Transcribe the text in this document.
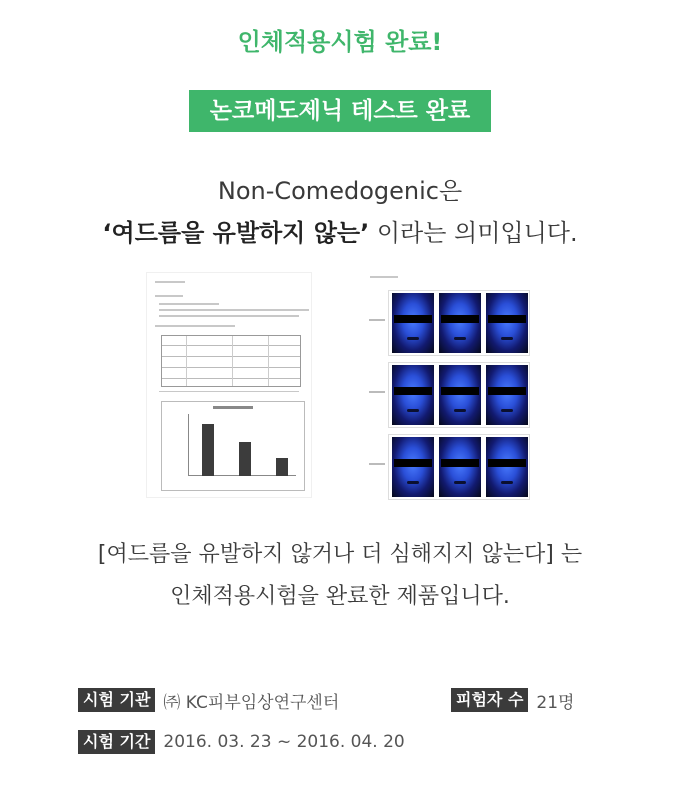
인체적용시험 완료!
논코메도제닉 테스트 완료
Non-Comedogenic은
‘여드름을 유발하지 않는’ 이라는 의미입니다.
[여드름을 유발하지 않거나 더 심해지지 않는다] 는
인체적용시험을 완료한 제품입니다.
시험 기관 ㈜ KC피부임상연구센터	피험자 수 21명
시험 기간 2016. 03. 23 ~ 2016. 04. 20
